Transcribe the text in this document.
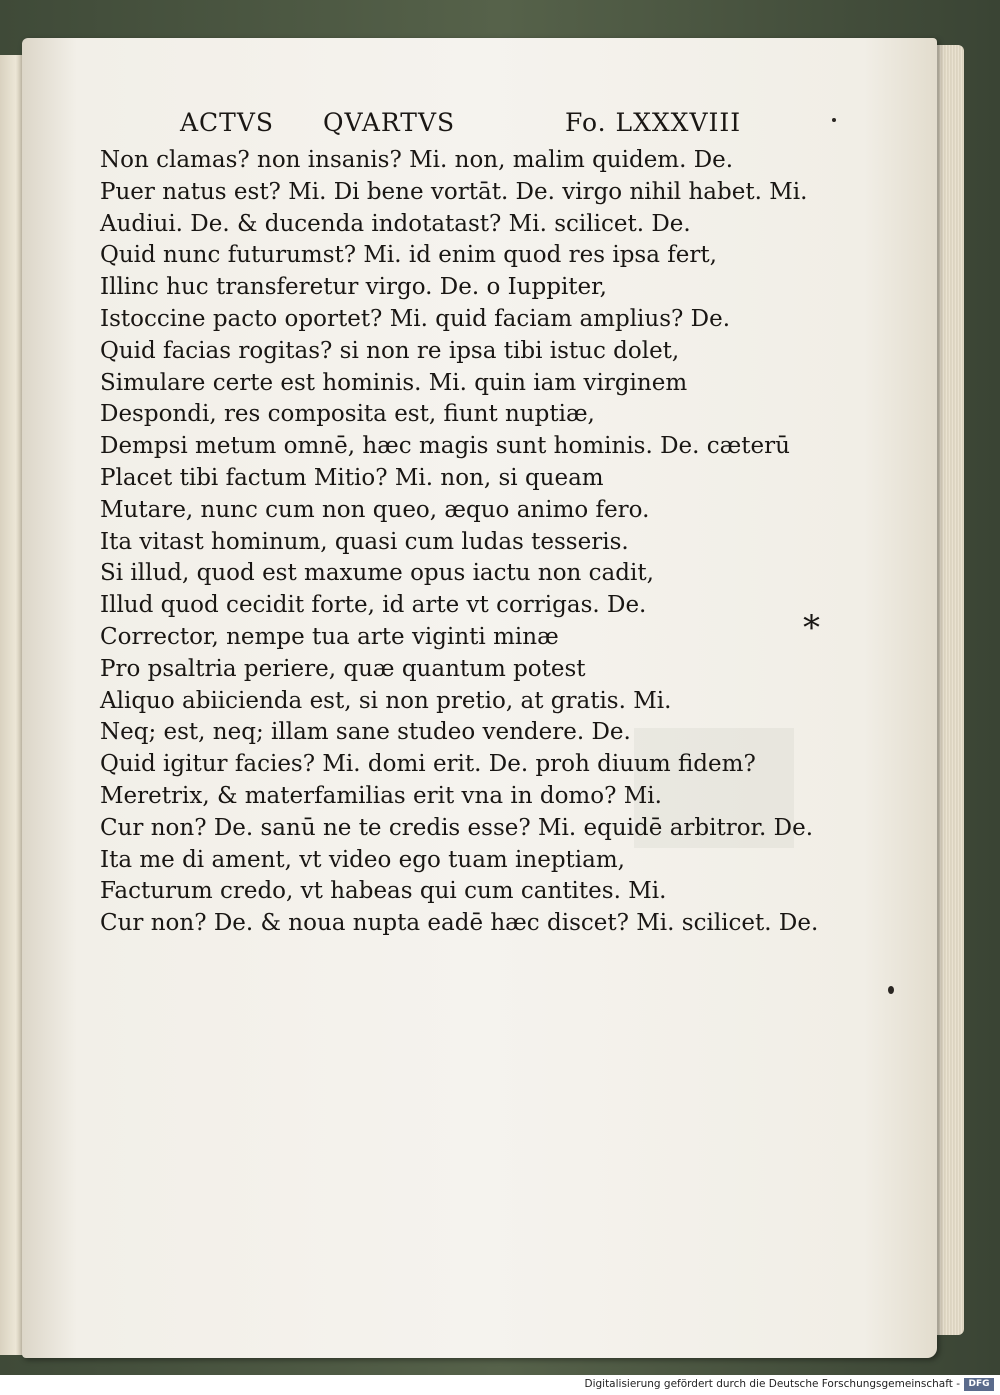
ACTVS QVARTVS	Fo. LXXXVIII
Non clamas? non insanis? Mi. non, malim quidem. De.
Puer natus est? Mi. Di bene vortāt. De. virgo nihil habet. Mi.
Audiui. De. & ducenda indotatast? Mi. scilicet. De.
Quid nunc futurumst? Mi. id enim quod res ipsa fert,
Illinc huc transferetur virgo. De. o Iuppiter,
Istoccine pacto oportet? Mi. quid faciam amplius? De.
Quid facias rogitas? si non re ipsa tibi istuc dolet,
Simulare certe est hominis. Mi. quin iam virginem
Despondi, res composita est, fiunt nuptiæ,
Dempsi metum omnē, hæc magis sunt hominis. De. cæterū
Placet tibi factum Mitio? Mi. non, si queam
Mutare, nunc cum non queo, æquo animo fero.
Ita vitast hominum, quasi cum ludas tesseris.
Si illud, quod est maxume opus iactu non cadit,
Illud quod cecidit forte, id arte vt corrigas. De.
Corrector, nempe tua arte viginti minæ
Pro psaltria periere, quæ quantum potest
Aliquo abiicienda est, si non pretio, at gratis. Mi.
Neq; est, neq; illam sane studeo vendere. De.
Quid igitur facies? Mi. domi erit. De. proh diuum fidem?
Meretrix, & materfamilias erit vna in domo? Mi.
Cur non? De. sanū ne te credis esse? Mi. equidē arbitror. De.
Ita me di ament, vt video ego tuam ineptiam,
Facturum credo, vt habeas qui cum cantites. Mi.
Cur non? De. & noua nupta eadē hæc discet? Mi. scilicet. De.
*
Digitalisierung gefördert durch die Deutsche Forschungsgemeinschaft - DFG
